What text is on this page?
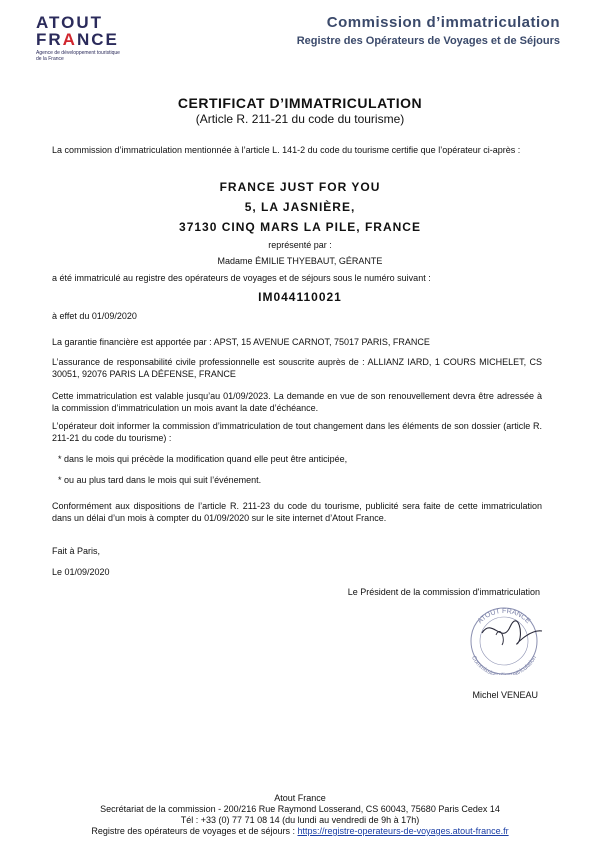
ATOUT
FRANCE
Agence de développement touristique de la France
Commission d’immatriculation
Registre des Opérateurs de Voyages et de Séjours
CERTIFICAT D’IMMATRICULATION
(Article R. 211-21 du code du tourisme)
La commission d’immatriculation mentionnée à l’article L. 141-2 du code du tourisme certifie que l’opérateur ci-après :
FRANCE JUST FOR YOU
5, LA JASNIÈRE,
37130 CINQ MARS LA PILE, FRANCE
représenté par :
Madame ÉMILIE THYEBAUT, GÉRANTE
a été immatriculé au registre des opérateurs de voyages et de séjours sous le numéro suivant :
IM044110021
à effet du 01/09/2020
La garantie financière est apportée par : APST, 15 AVENUE CARNOT, 75017 PARIS, FRANCE
L’assurance de responsabilité civile professionnelle est souscrite auprès de : ALLIANZ IARD, 1 COURS MICHELET, CS 30051, 92076 PARIS LA DÉFENSE, FRANCE
Cette immatriculation est valable jusqu’au 01/09/2023. La demande en vue de son renouvellement devra être adressée à la commission d’immatriculation un mois avant la date d’échéance.
L’opérateur doit informer la commission d’immatriculation de tout changement dans les éléments de son dossier (article R. 211-21 du code du tourisme) :
* dans le mois qui précède la modification quand elle peut être anticipée,
* ou au plus tard dans le mois qui suit l’événement.
Conformément aux dispositions de l’article R. 211-23 du code du tourisme, publicité sera faite de cette immatriculation dans un délai d’un mois à compter du 01/09/2020 sur le site internet d’Atout France.
Fait à Paris,
Le 01/09/2020
Le Président de la commission d'immatriculation
ATOUT FRANCE
Commissio atriculation
Michel VENEAU
Atout France
Secrétariat de la commission - 200/216 Rue Raymond Losserand, CS 60043, 75680 Paris Cedex 14
Tél : +33 (0) 77 71 08 14 (du lundi au vendredi de 9h à 17h)
Registre des opérateurs de voyages et de séjours : https://registre-operateurs-de-voyages.atout-france.fr
